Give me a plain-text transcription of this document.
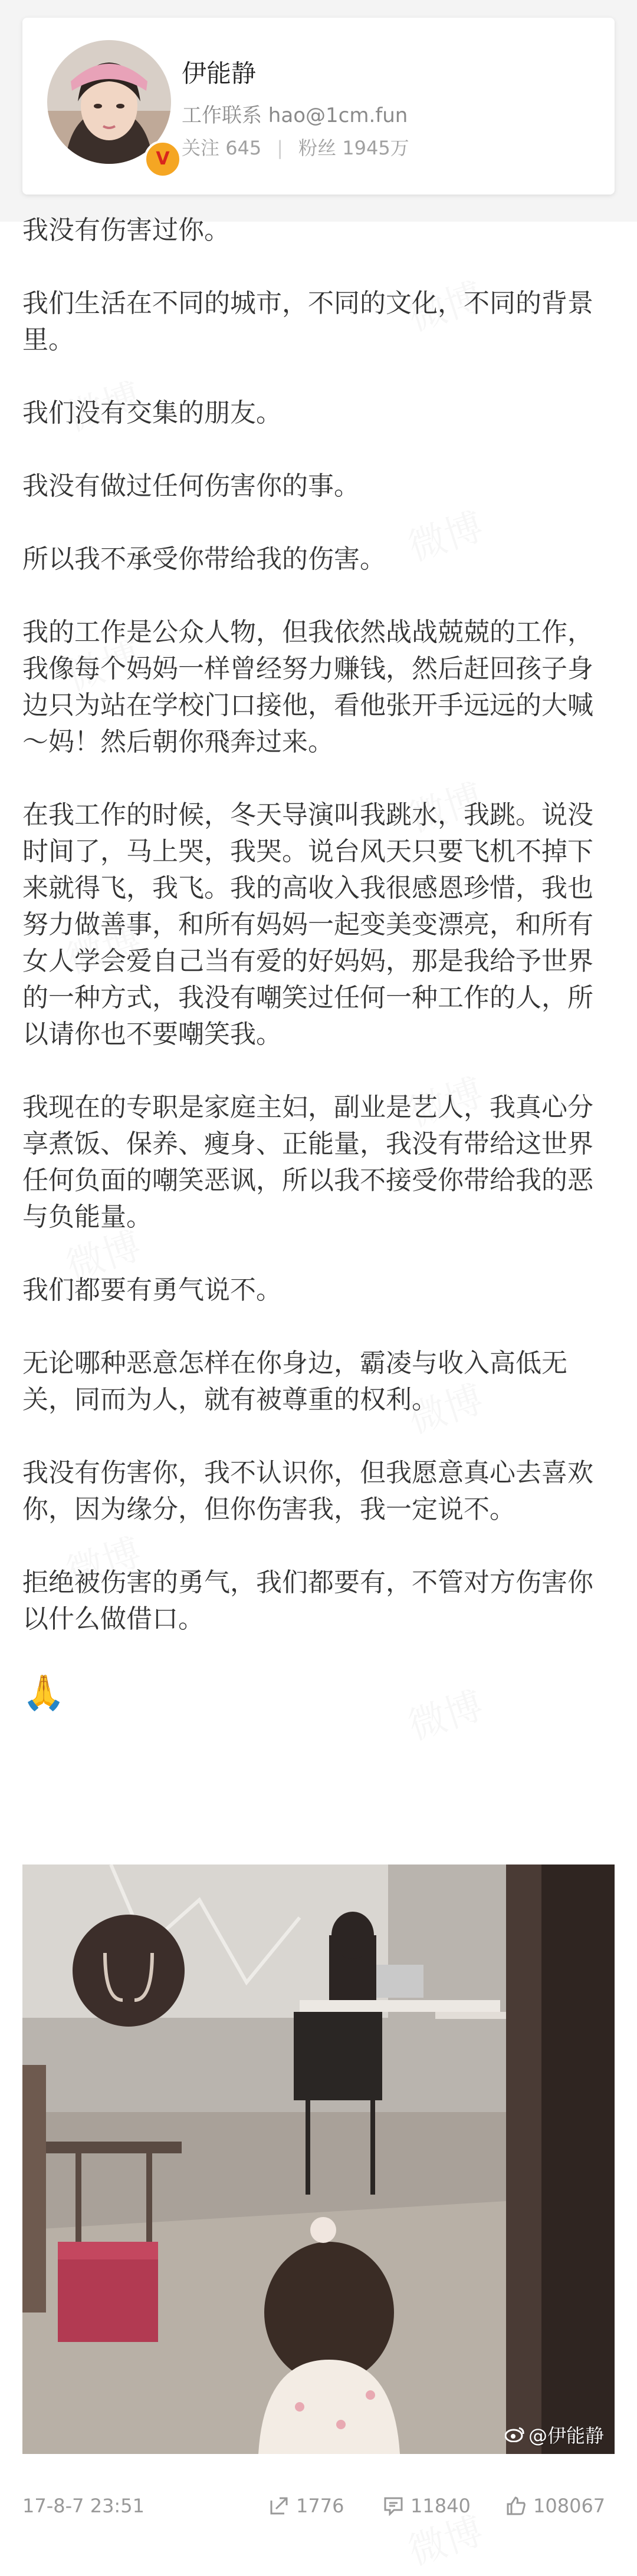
V
伊能静
工作联系 hao@1cm.fun
关注 645 | 粉丝 1945万

我没有伤害过你。

我们生活在不同的城市，不同的文化，不同的背景里。

我们没有交集的朋友。

我没有做过任何伤害你的事。

所以我不承受你带给我的伤害。

我的工作是公众人物，但我依然战战兢兢的工作，我像每个妈妈一样曾经努力赚钱，然后赶回孩子身边只为站在学校门口接他，看他张开手远远的大喊～妈！然后朝你飛奔过来。

在我工作的时候，冬天导演叫我跳水，我跳。说没时间了，马上哭，我哭。说台风天只要飞机不掉下来就得飞，我飞。我的高收入我很感恩珍惜，我也努力做善事，和所有妈妈一起变美变漂亮，和所有女人学会爱自己当有爱的好妈妈，那是我给予世界的一种方式，我没有嘲笑过任何一种工作的人，所以请你也不要嘲笑我。

我现在的专职是家庭主妇，副业是艺人，我真心分享煮饭、保养、瘦身、正能量，我没有带给这世界任何负面的嘲笑恶讽，所以我不接受你带给我的恶与负能量。

我们都要有勇气说不。

无论哪种恶意怎样在你身边，霸凌与收入高低无关，同而为人，就有被尊重的权利。

我没有伤害你，我不认识你，但我愿意真心去喜欢你，因为缘分，但你伤害我，我一定说不。

拒绝被伤害的勇气，我们都要有，不管对方伤害你以什么做借口。

🙏

@伊能静
17-8-7 23:51	1776	11840	108067
